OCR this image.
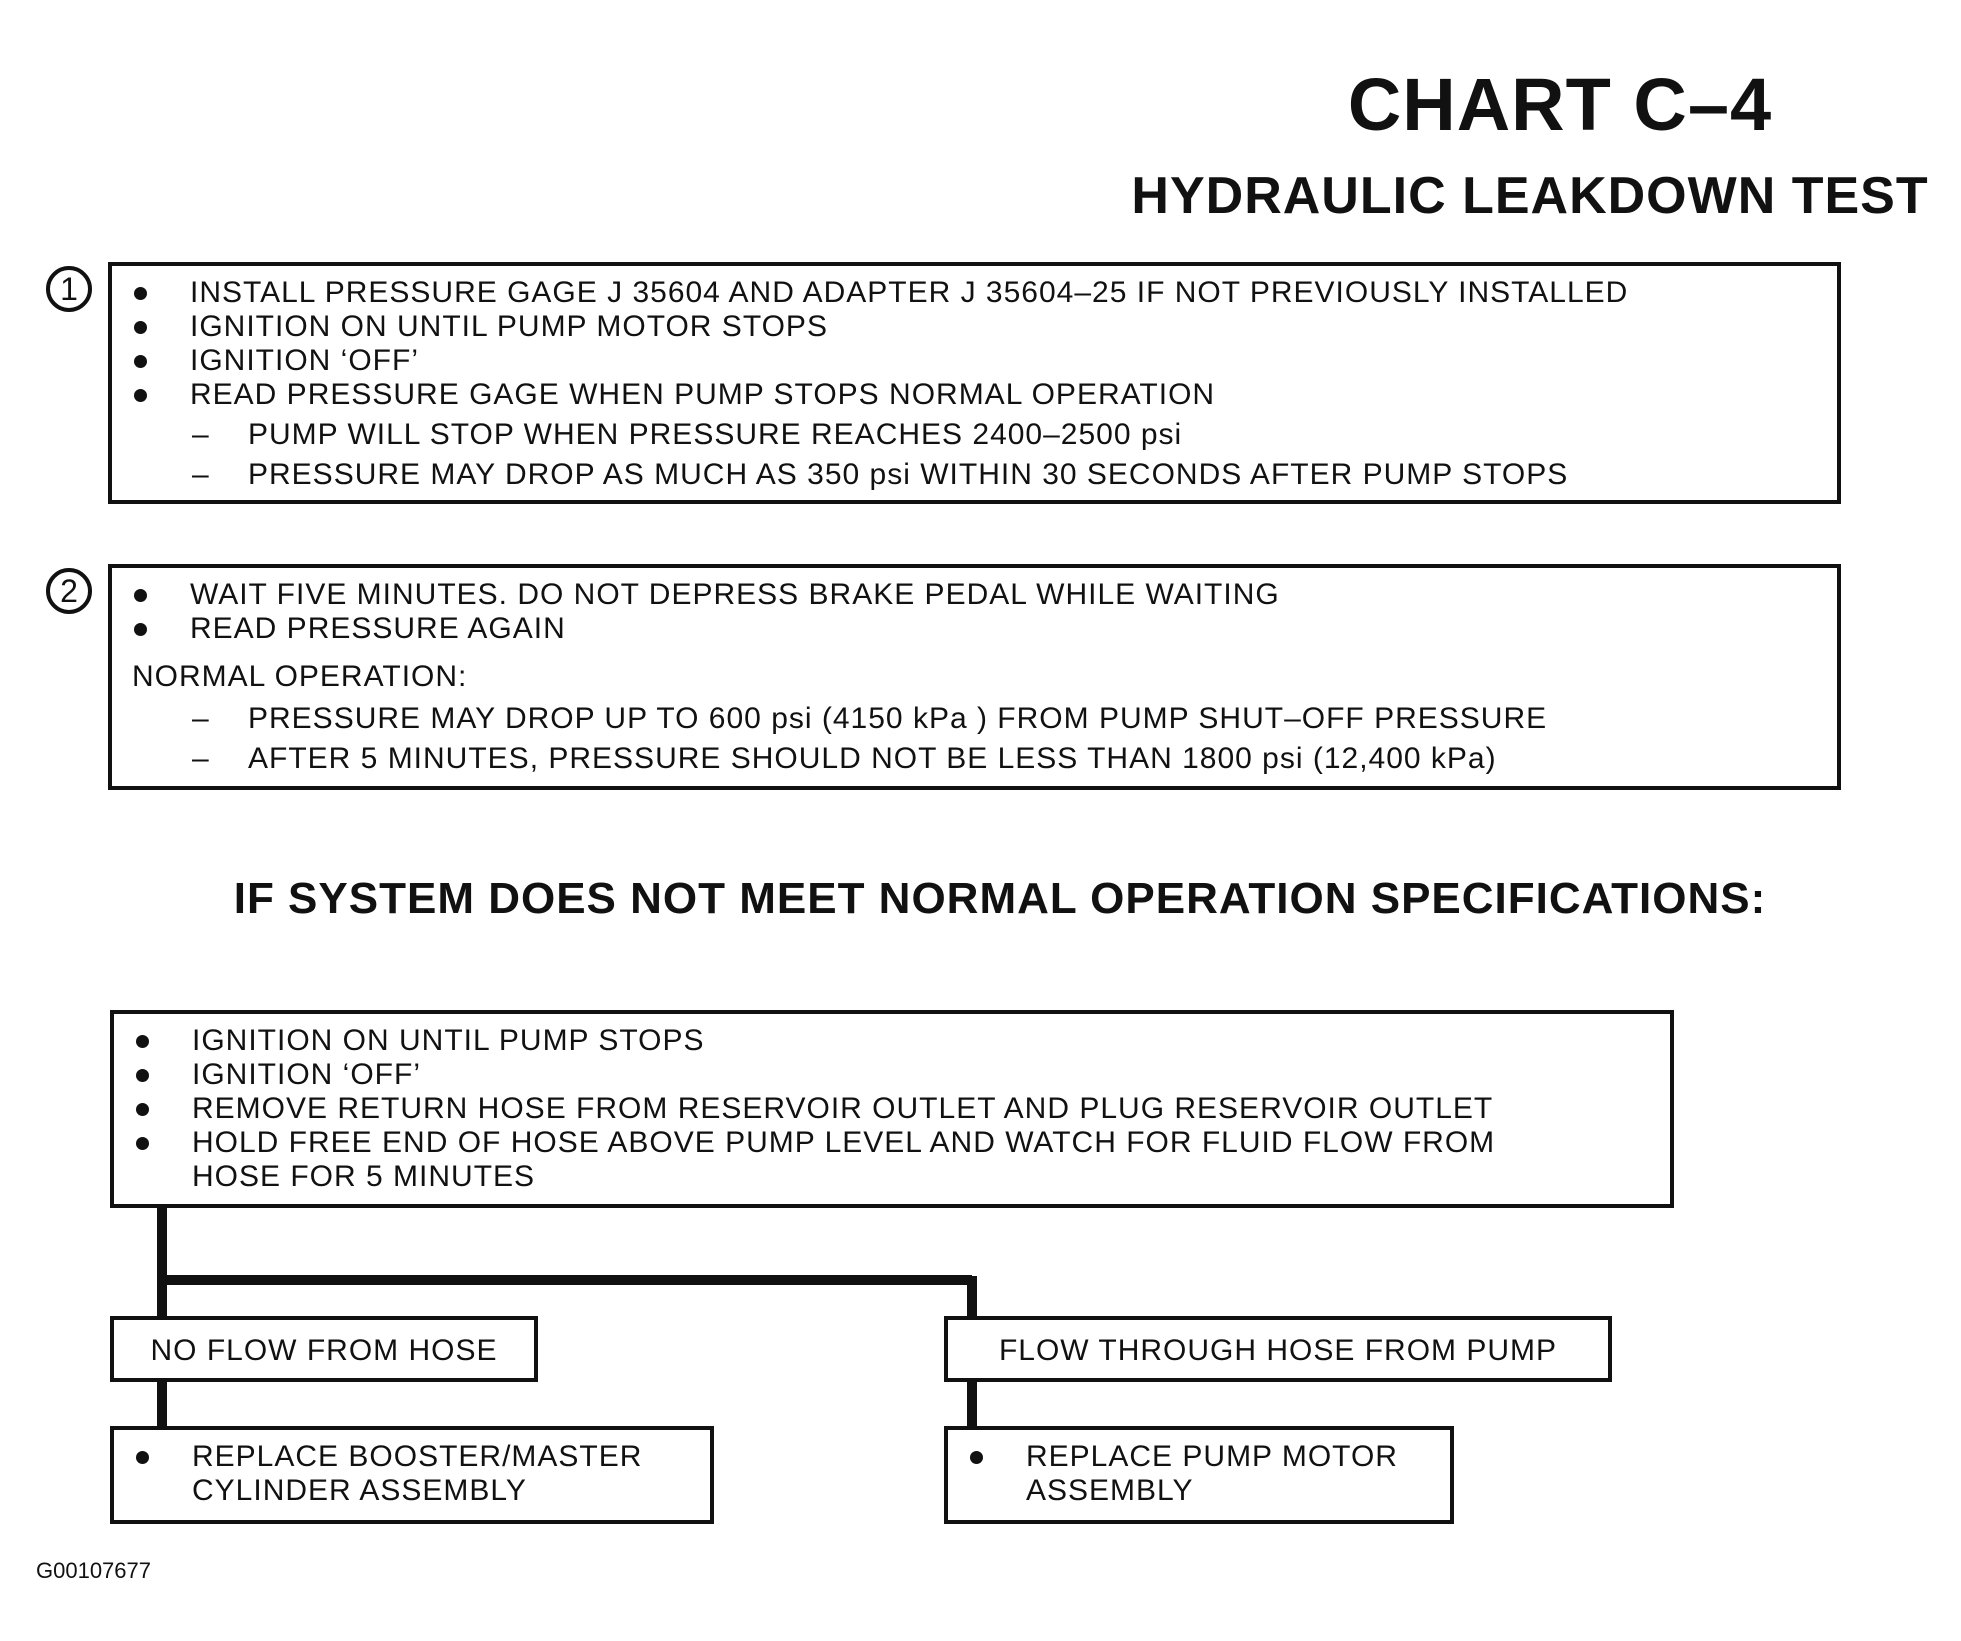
CHART C–4
HYDRAULIC LEAKDOWN TEST
1	INSTALL PRESSURE GAGE J 35604 AND ADAPTER J 35604–25 IF NOT PREVIOUSLY INSTALLED
IGNITION ON UNTIL PUMP MOTOR STOPS
IGNITION ‘OFF’
READ PRESSURE GAGE WHEN PUMP STOPS NORMAL OPERATION
– PUMP WILL STOP WHEN PRESSURE REACHES 2400–2500 psi
– PRESSURE MAY DROP AS MUCH AS 350 psi WITHIN 30 SECONDS AFTER PUMP STOPS
2	WAIT FIVE MINUTES. DO NOT DEPRESS BRAKE PEDAL WHILE WAITING
READ PRESSURE AGAIN
NORMAL OPERATION:
– PRESSURE MAY DROP UP TO 600 psi (4150 kPa ) FROM PUMP SHUT–OFF PRESSURE
– AFTER 5 MINUTES, PRESSURE SHOULD NOT BE LESS THAN 1800 psi (12,400 kPa)
IF SYSTEM DOES NOT MEET NORMAL OPERATION SPECIFICATIONS:
IGNITION ON UNTIL PUMP STOPS
IGNITION ‘OFF’
REMOVE RETURN HOSE FROM RESERVOIR OUTLET AND PLUG RESERVOIR OUTLET
HOLD FREE END OF HOSE ABOVE PUMP LEVEL AND WATCH FOR FLUID FLOW FROM
HOSE FOR 5 MINUTES
NO FLOW FROM HOSE
REPLACE BOOSTER/MASTER
CYLINDER ASSEMBLY
FLOW THROUGH HOSE FROM PUMP
REPLACE PUMP MOTOR
ASSEMBLY
G00107677
